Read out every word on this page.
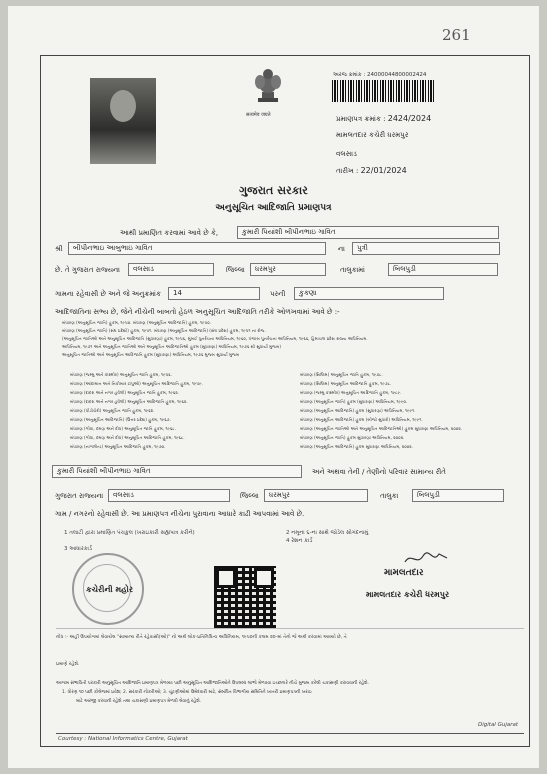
261
सत्यमेव जयते
અરજ ક્રમાંક : 24000044800002424
પ્રમાણપત્ર ક્રમાંક : 2424/2024
મામલતદાર કચેરી ધરમપુર
વલસાડ
તારીખ : 22/01/2024
ગુજરાત સરકાર
અનુસૂચિત આદિજાતિ પ્રમાણપત્ર
આથી પ્રમાણિત કરવામાં આવે છે કે,	કુમારી પિયાંશી બીપીનભાઇ ગાવિત
શ્રી	બીપીનભાઇ આબુભાઇ ગાવિત	ના	પુત્રી
છે. તે ગુજરાત રાજ્યના	વલસાડ	જિલ્લા	ધરમપુર	તાલુકામાં	બિલપુડી
ગામના રહેવાસી છે અને જે અનુક્રમાંક	14	પરની	કુકણા
આદિજાતિના સભ્ય છે, જેને નીચેની બાબતો હેઠળ અનુસૂચિત આદિજાતિ તરીકે ઓળખવામાં આવે છે :-
બંધારણ (અનુસૂચિત જાતિ) હુકમ, ૧૯૫૦. બંધારણ (અનુસૂચિત આદિજાતિ) હુકમ, ૧૯૫૦.
બંધારણ (અનુસૂચિત જાતિ) (સંઘ પ્રદેશો) હુકમ, ૧૯૫૧. બંધારણ (અનુસૂચિત આદિજાતિ) (સંઘ પ્રદેશ) હુકમ, ૧૯૫૧ ના રોજ.
(અનુસૂચિત જાતિઓ અને અનુસૂચિત આદિજાતિ (સુધારણા) હુકમ, ૧૯૫૬, મુંબઈ પુનર્રચના અધિનિયમ, ૧૯૬૦, પંજાબ પુનર્રચના અધિનિયમ, ૧૯૬૬, હિમાચલ પ્રદેશ રાજ્ય અધિનિયમ.
અધિનિયમ, ૧૯૭૧ અને અનુસૂચિત જાતિઓ અને અનુસૂચિત આદિજાતિઓ હુકમ (સુધારણા) અધિનિયમ, ૧૯૭૬ થી સુધાર્યા મુજબ)
અનુસૂચિત જાતિઓ અને અનુસૂચિત આદિજાતિ હુકમ (સુધારણા) અધિનિયમ, ૧૯૭૬ મુજબ સુધાર્યા મુજબ
બંધારણ (જમ્મુ અને કાશ્મીર) અનુસૂચિત જાતિ હુકમ, ૧૯૫૬.
બંધારણ (આંદામાન અને નિકોબાર ટાપુઓ) અનુસૂચિત આદિજાતિ હુકમ, ૧૯૫૯.
બંધારણ (દાદરા અને નગર હવેલી) અનુસૂચિત જાતિ હુકમ, ૧૯૬૨.
બંધારણ (દાદરા અને નગર હવેલી) અનુસૂચિત આદિજાતિ હુકમ, ૧૯૬૨.
બંધારણ (પોંડીચેરી) અનુસૂચિત જાતિ હુકમ, ૧૯૬૪.
બંધારણ (અનુસૂચિત આદિજાતિ) (ઉત્તર પ્રદેશ) હુકમ, ૧૯૬૭.
બંધારણ (ગોવા, દમણ અને દીવ) અનુસૂચિત જાતિ હુકમ, ૧૯૬૮.
બંધારણ (ગોવા, દમણ અને દીવ) અનુસૂચિત આદિજાતિ હુકમ, ૧૯૬૮.
બંધારણ (નાગાલેન્ડ) અનુસૂચિત આદિજાતિ હુકમ, ૧૯૭૦.
બંધારણ (સિક્કિમ) અનુસૂચિત જાતિ હુકમ, ૧૯૭૮.
બંધારણ (સિક્કિમ) અનુસૂચિત આદિજાતિ હુકમ, ૧૯૭૮.
બંધારણ (જમ્મુ કાશ્મીર) અનુસૂચિત આદિજાતિ હુકમ, ૧૯૮૯.
બંધારણ (અનુસૂચિત જાતિ) હુકમ (સુધારણા) અધિનિયમ, ૧૯૯૦.
બંધારણ (અનુસૂચિત આદિજાતિ) હુકમ (સુધારણા) અધિનિયમ, ૧૯૯૧.
બંધારણ (અનુસૂચિત આદિજાતિ) હુકમ (બીજો સુધારો) અધિનિયમ, ૧૯૯૧.
બંધારણ (અનુસૂચિત જાતિઓ અને અનુસૂચિત આદિજાતિઓ) હુકમ સુધારણા અધિનિયમ, ૨૦૦૨.
બંધારણ (અનુસૂચિત જાતિ) હુકમ સુધારણા અધિનિયમ, ૨૦૦૨.
બંધારણ (અનુસૂચિત આદિજાતિ) હુકમ સુધારણા અધિનિયમ, ૨૦૦૨.
કુમારી પિયાંશી બીપીનભાઇ ગાવિત	અને અથવા તેની / તેણીનો પરિવાર સામાન્ય રીતે
ગુજરાત રાજ્યના	વલસાડ	જિલ્લા	ધરમપુર	તાલુકા	બિલપુડી
ગામ / નગરનો રહેવાસી છે. આ પ્રમાણપત્ર નીચેના પુરાવાના આધારે કાઢી આપવામાં આવે છે.
1 તલાટી દ્વારા પ્રમાણિત પંચકુલ (ખરાઇકારી સહ્યપાત્ર કરીને)	2 નમૂના ૬-ના સાથે જોડેલ સોગંદનામું
3 આધારકાર્ડ
4 રેશન કાર્ડ
કચેરીની મહોર
મામલતદાર
મામલતદાર કચેરી ધરમપુર
નોંધ :- અહીં ઉપયોગમાં લેવાયેલ "સામાન્ય રીતે રહેવાસી(ઓ)" નો અર્થ લોક-પ્રતિનિધિત્વ અધિનિયમ, ૧૯૫૦ની કલમ ૨૦-માં તેનો જે અર્થ કરવામાં આવ્યો છે, તે
પ્રમાણે રહેશે.
આગામ સંભાવિતી પરકારી અનુસૂચિત આદિજાતિ પ્રમાણપત્ર મેળવ્યા પછી અનુસૂચિત આદિજાતિઓને ઉપલબ્ધ લાભો મેળવવા ઇચ્છનારે નીચે મુજબ કરેલી ચકાસણી કરાવવાની રહેશે.
1. ધોરણ ૧૦ પછી કોલેજમાં પ્રવેશ; 2. સરકારી નોકરીઓ; 3. ચૂંટણીઓમાં ઉમેદવારી માટે, સંબંધિત વિભાગીય સમિતિને ખાતરી પ્રમાણપત્રની ખરાઇ
માટે અરજી કરવાની રહેશે તથા ચકાસણી પ્રમાણપત્ર મેળવી લેવાનું રહેશે.
Courtesy : National Informatics Centre, Gujarat
Digital Gujarat
